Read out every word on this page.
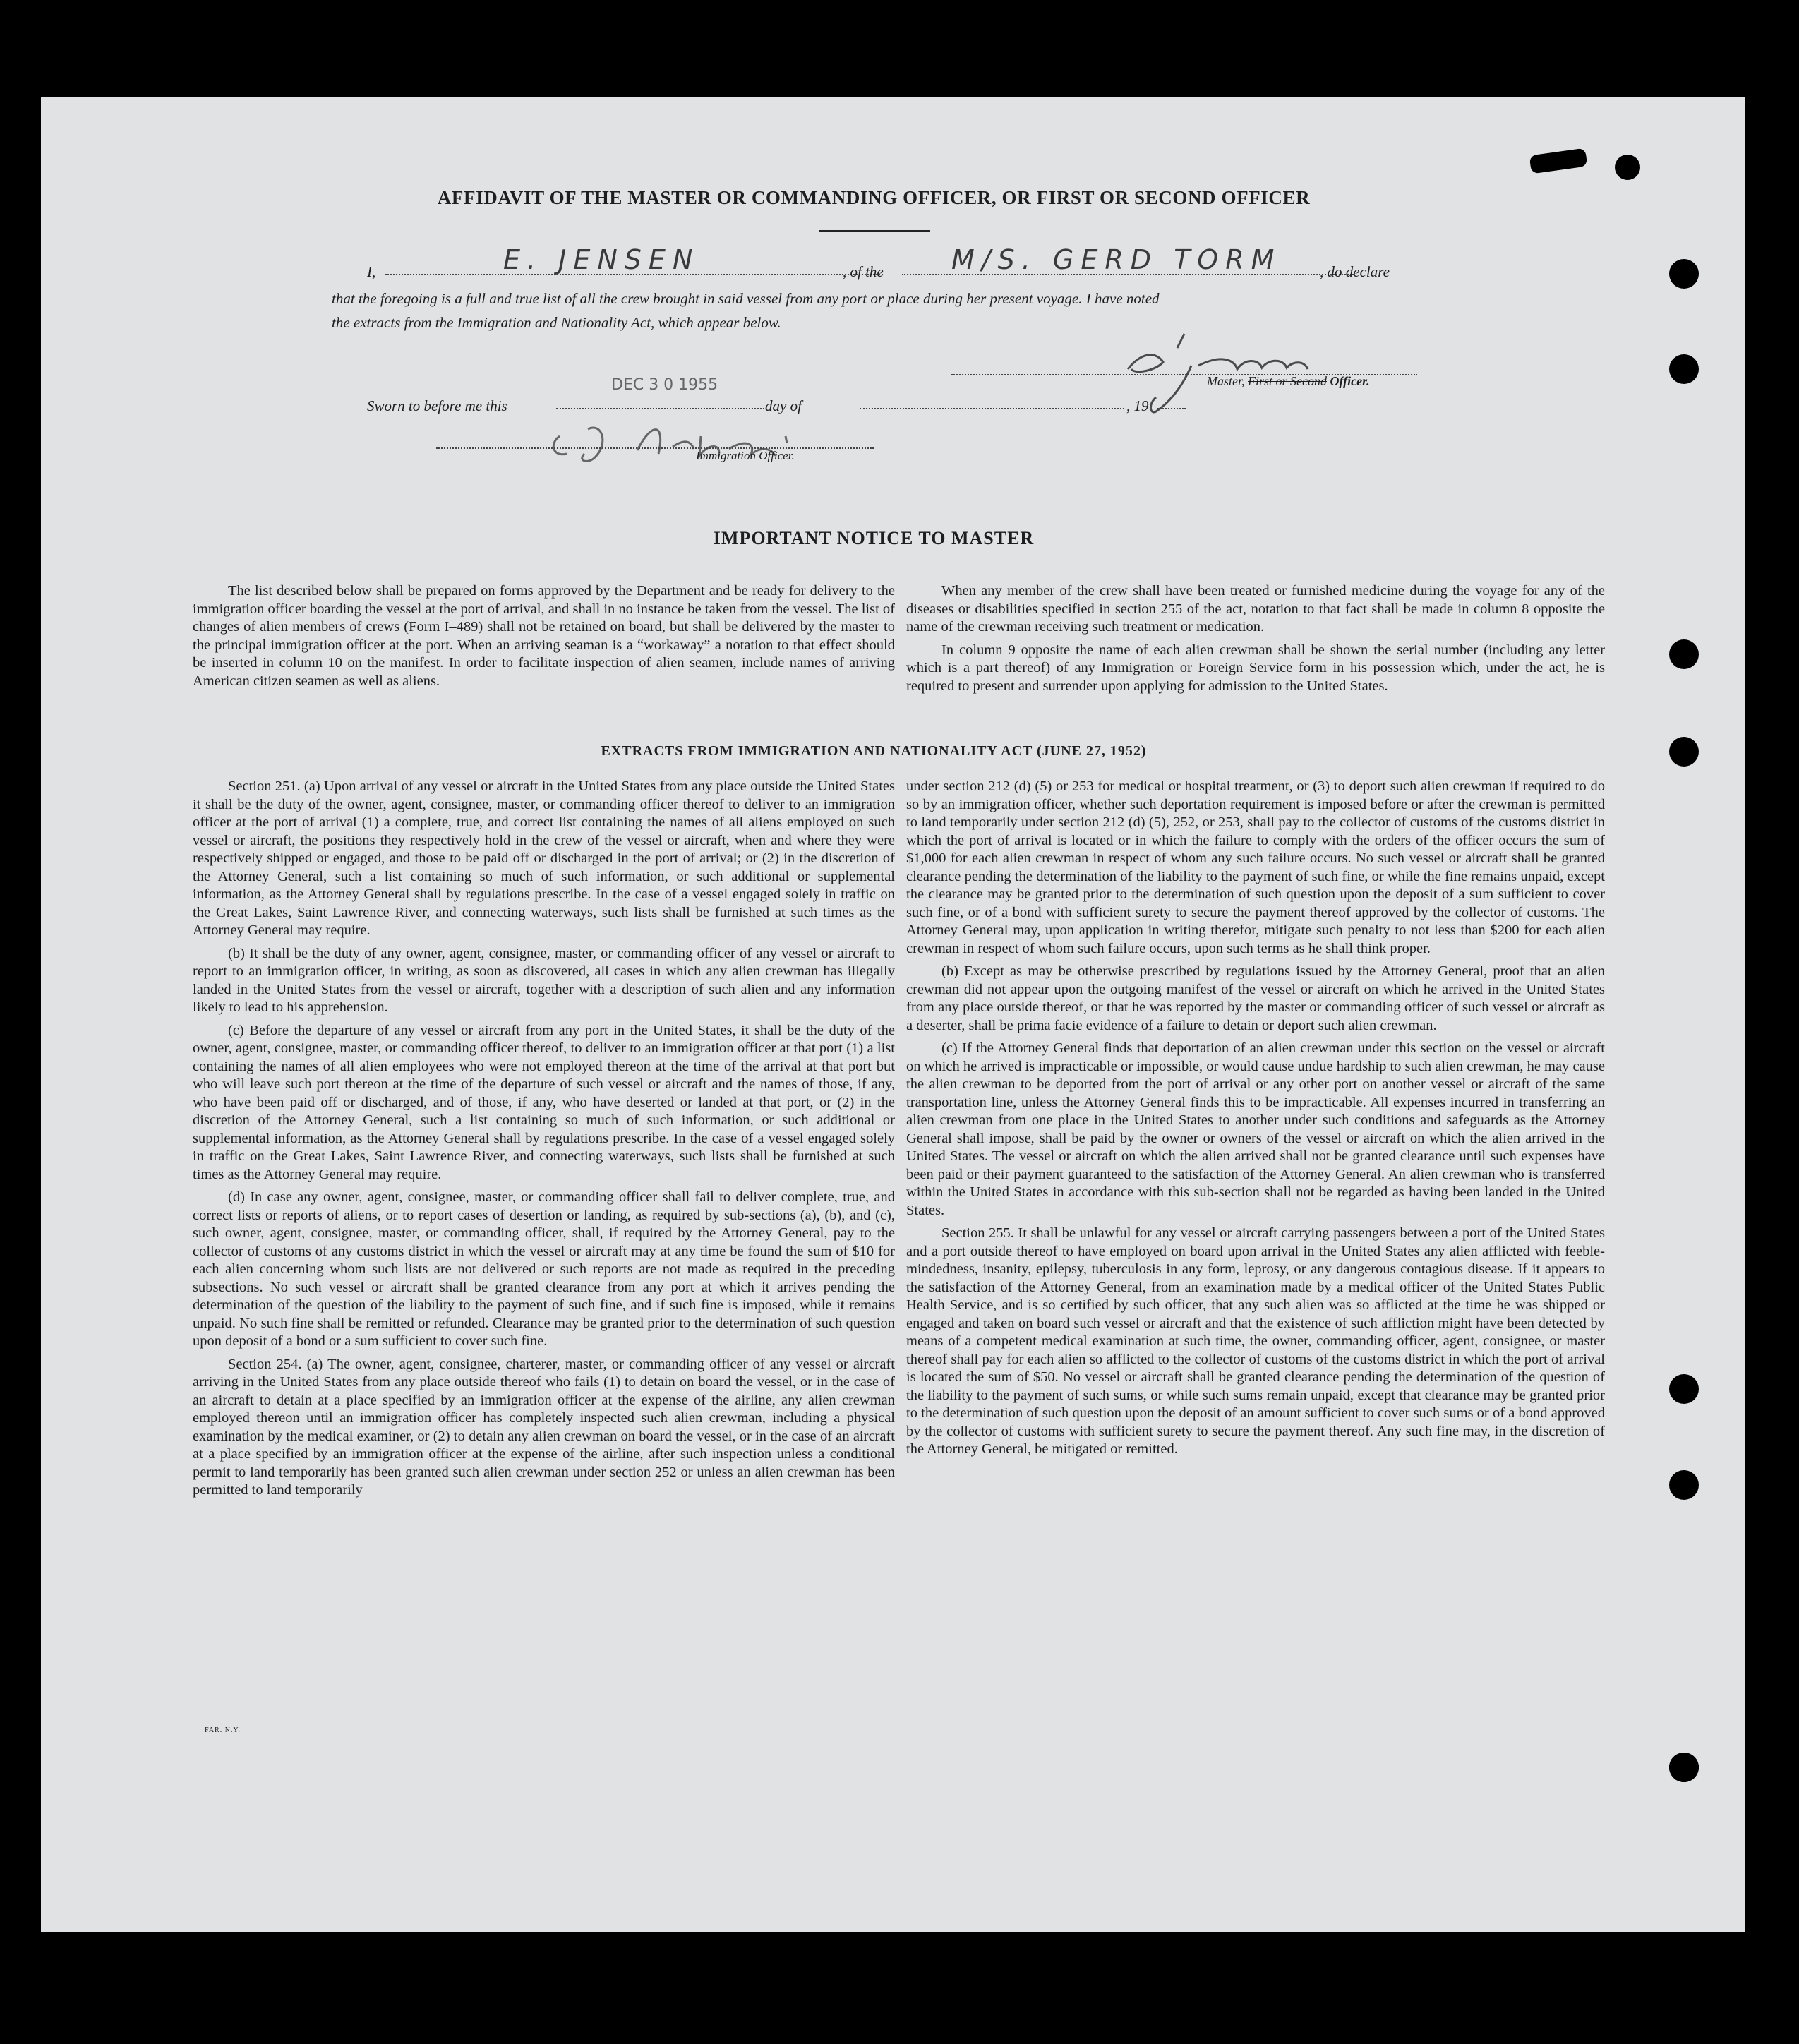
AFFIDAVIT OF THE MASTER OR COMMANDING OFFICER, OR FIRST OR SECOND OFFICER
I,	E. JENSEN	, of the	M/S. GERD TORM	, do declare
that the foregoing is a full and true list of all the crew brought in said vessel from any port or place during her present voyage. I have noted
the extracts from the Immigration and Nationality Act, which appear below.
Master, First or Second Officer.
Sworn to before me this
DEC 3 0 1955
day of	, 19
Immigration Officer.
IMPORTANT NOTICE TO MASTER

The list described below shall be prepared on forms approved by the Department and be ready for delivery to the immigration officer boarding the vessel at the port of arrival, and shall in no instance be taken from the vessel. The list of changes of alien members of crews (Form I–489) shall not be retained on board, but shall be delivered by the master to the principal immigration officer at the port. When an arriving seaman is a “workaway” a notation to that effect should be inserted in column 10 on the manifest. In order to facilitate inspection of alien seamen, include names of arriving American citizen seamen as well as aliens.

When any member of the crew shall have been treated or furnished medicine during the voyage for any of the diseases or disabilities specified in section 255 of the act, notation to that fact shall be made in column 8 opposite the name of the crewman receiving such treatment or medication.

In column 9 opposite the name of each alien crewman shall be shown the serial number (including any letter which is a part thereof) of any Immigration or Foreign Service form in his possession which, under the act, he is required to present and surrender upon applying for admission to the United States.

EXTRACTS FROM IMMIGRATION AND NATIONALITY ACT (JUNE 27, 1952)

Section 251. (a) Upon arrival of any vessel or aircraft in the United States from any place outside the United States it shall be the duty of the owner, agent, consignee, master, or commanding officer thereof to deliver to an immigration officer at the port of arrival (1) a complete, true, and correct list containing the names of all aliens employed on such vessel or aircraft, the positions they respectively hold in the crew of the vessel or aircraft, when and where they were respectively shipped or engaged, and those to be paid off or discharged in the port of arrival; or (2) in the discretion of the Attorney General, such a list containing so much of such information, or such additional or supplemental information, as the Attorney General shall by regulations prescribe. In the case of a vessel engaged solely in traffic on the Great Lakes, Saint Lawrence River, and connecting waterways, such lists shall be furnished at such times as the Attorney General may require.

(b) It shall be the duty of any owner, agent, consignee, master, or commanding officer of any vessel or aircraft to report to an immigration officer, in writing, as soon as discovered, all cases in which any alien crewman has illegally landed in the United States from the vessel or aircraft, together with a description of such alien and any information likely to lead to his apprehension.

(c) Before the departure of any vessel or aircraft from any port in the United States, it shall be the duty of the owner, agent, consignee, master, or commanding officer thereof, to deliver to an immigration officer at that port (1) a list containing the names of all alien employees who were not employed thereon at the time of the arrival at that port but who will leave such port thereon at the time of the departure of such vessel or aircraft and the names of those, if any, who have been paid off or discharged, and of those, if any, who have deserted or landed at that port, or (2) in the discretion of the Attorney General, such a list containing so much of such information, or such additional or supplemental information, as the Attorney General shall by regulations prescribe. In the case of a vessel engaged solely in traffic on the Great Lakes, Saint Lawrence River, and connecting waterways, such lists shall be furnished at such times as the Attorney General may require.

(d) In case any owner, agent, consignee, master, or commanding officer shall fail to deliver complete, true, and correct lists or reports of aliens, or to report cases of desertion or landing, as required by sub-sections (a), (b), and (c), such owner, agent, consignee, master, or commanding officer, shall, if required by the Attorney General, pay to the collector of customs of any customs district in which the vessel or aircraft may at any time be found the sum of $10 for each alien concerning whom such lists are not delivered or such reports are not made as required in the preceding subsections. No such vessel or aircraft shall be granted clearance from any port at which it arrives pending the determination of the question of the liability to the payment of such fine, and if such fine is imposed, while it remains unpaid. No such fine shall be remitted or refunded. Clearance may be granted prior to the determination of such question upon deposit of a bond or a sum sufficient to cover such fine.

Section 254. (a) The owner, agent, consignee, charterer, master, or commanding officer of any vessel or aircraft arriving in the United States from any place outside thereof who fails (1) to detain on board the vessel, or in the case of an aircraft to detain at a place specified by an immigration officer at the expense of the airline, any alien crewman employed thereon until an immigration officer has completely inspected such alien crewman, including a physical examination by the medical examiner, or (2) to detain any alien crewman on board the vessel, or in the case of an aircraft at a place specified by an immigration officer at the expense of the airline, after such inspection unless a conditional permit to land temporarily has been granted such alien crewman under section 252 or unless an alien crewman has been permitted to land temporarily

under section 212 (d) (5) or 253 for medical or hospital treatment, or (3) to deport such alien crewman if required to do so by an immigration officer, whether such deportation requirement is imposed before or after the crewman is permitted to land temporarily under section 212 (d) (5), 252, or 253, shall pay to the collector of customs of the customs district in which the port of arrival is located or in which the failure to comply with the orders of the officer occurs the sum of $1,000 for each alien crewman in respect of whom any such failure occurs. No such vessel or aircraft shall be granted clearance pending the determination of the liability to the payment of such fine, or while the fine remains unpaid, except the clearance may be granted prior to the determination of such question upon the deposit of a sum sufficient to cover such fine, or of a bond with sufficient surety to secure the payment thereof approved by the collector of customs. The Attorney General may, upon application in writing therefor, mitigate such penalty to not less than $200 for each alien crewman in respect of whom such failure occurs, upon such terms as he shall think proper.

(b) Except as may be otherwise prescribed by regulations issued by the Attorney General, proof that an alien crewman did not appear upon the outgoing manifest of the vessel or aircraft on which he arrived in the United States from any place outside thereof, or that he was reported by the master or commanding officer of such vessel or aircraft as a deserter, shall be prima facie evidence of a failure to detain or deport such alien crewman.

(c) If the Attorney General finds that deportation of an alien crewman under this section on the vessel or aircraft on which he arrived is impracticable or impossible, or would cause undue hardship to such alien crewman, he may cause the alien crewman to be deported from the port of arrival or any other port on another vessel or aircraft of the same transportation line, unless the Attorney General finds this to be impracticable. All expenses incurred in transferring an alien crewman from one place in the United States to another under such conditions and safeguards as the Attorney General shall impose, shall be paid by the owner or owners of the vessel or aircraft on which the alien arrived in the United States. The vessel or aircraft on which the alien arrived shall not be granted clearance until such expenses have been paid or their payment guaranteed to the satisfaction of the Attorney General. An alien crewman who is transferred within the United States in accordance with this sub-section shall not be regarded as having been landed in the United States.

Section 255. It shall be unlawful for any vessel or aircraft carrying passengers between a port of the United States and a port outside thereof to have employed on board upon arrival in the United States any alien afflicted with feeble-mindedness, insanity, epilepsy, tuberculosis in any form, leprosy, or any dangerous contagious disease. If it appears to the satisfaction of the Attorney General, from an examination made by a medical officer of the United States Public Health Service, and is so certified by such officer, that any such alien was so afflicted at the time he was shipped or engaged and taken on board such vessel or aircraft and that the existence of such affliction might have been detected by means of a competent medical examination at such time, the owner, commanding officer, agent, consignee, or master thereof shall pay for each alien so afflicted to the collector of customs of the customs district in which the port of arrival is located the sum of $50. No vessel or aircraft shall be granted clearance pending the determination of the question of the liability to the payment of such sums, or while such sums remain unpaid, except that clearance may be granted prior to the determination of such question upon the deposit of an amount sufficient to cover such sums or of a bond approved by the collector of customs with sufficient surety to secure the payment thereof. Any such fine may, in the discretion of the Attorney General, be mitigated or remitted.

FAR. N.Y.
